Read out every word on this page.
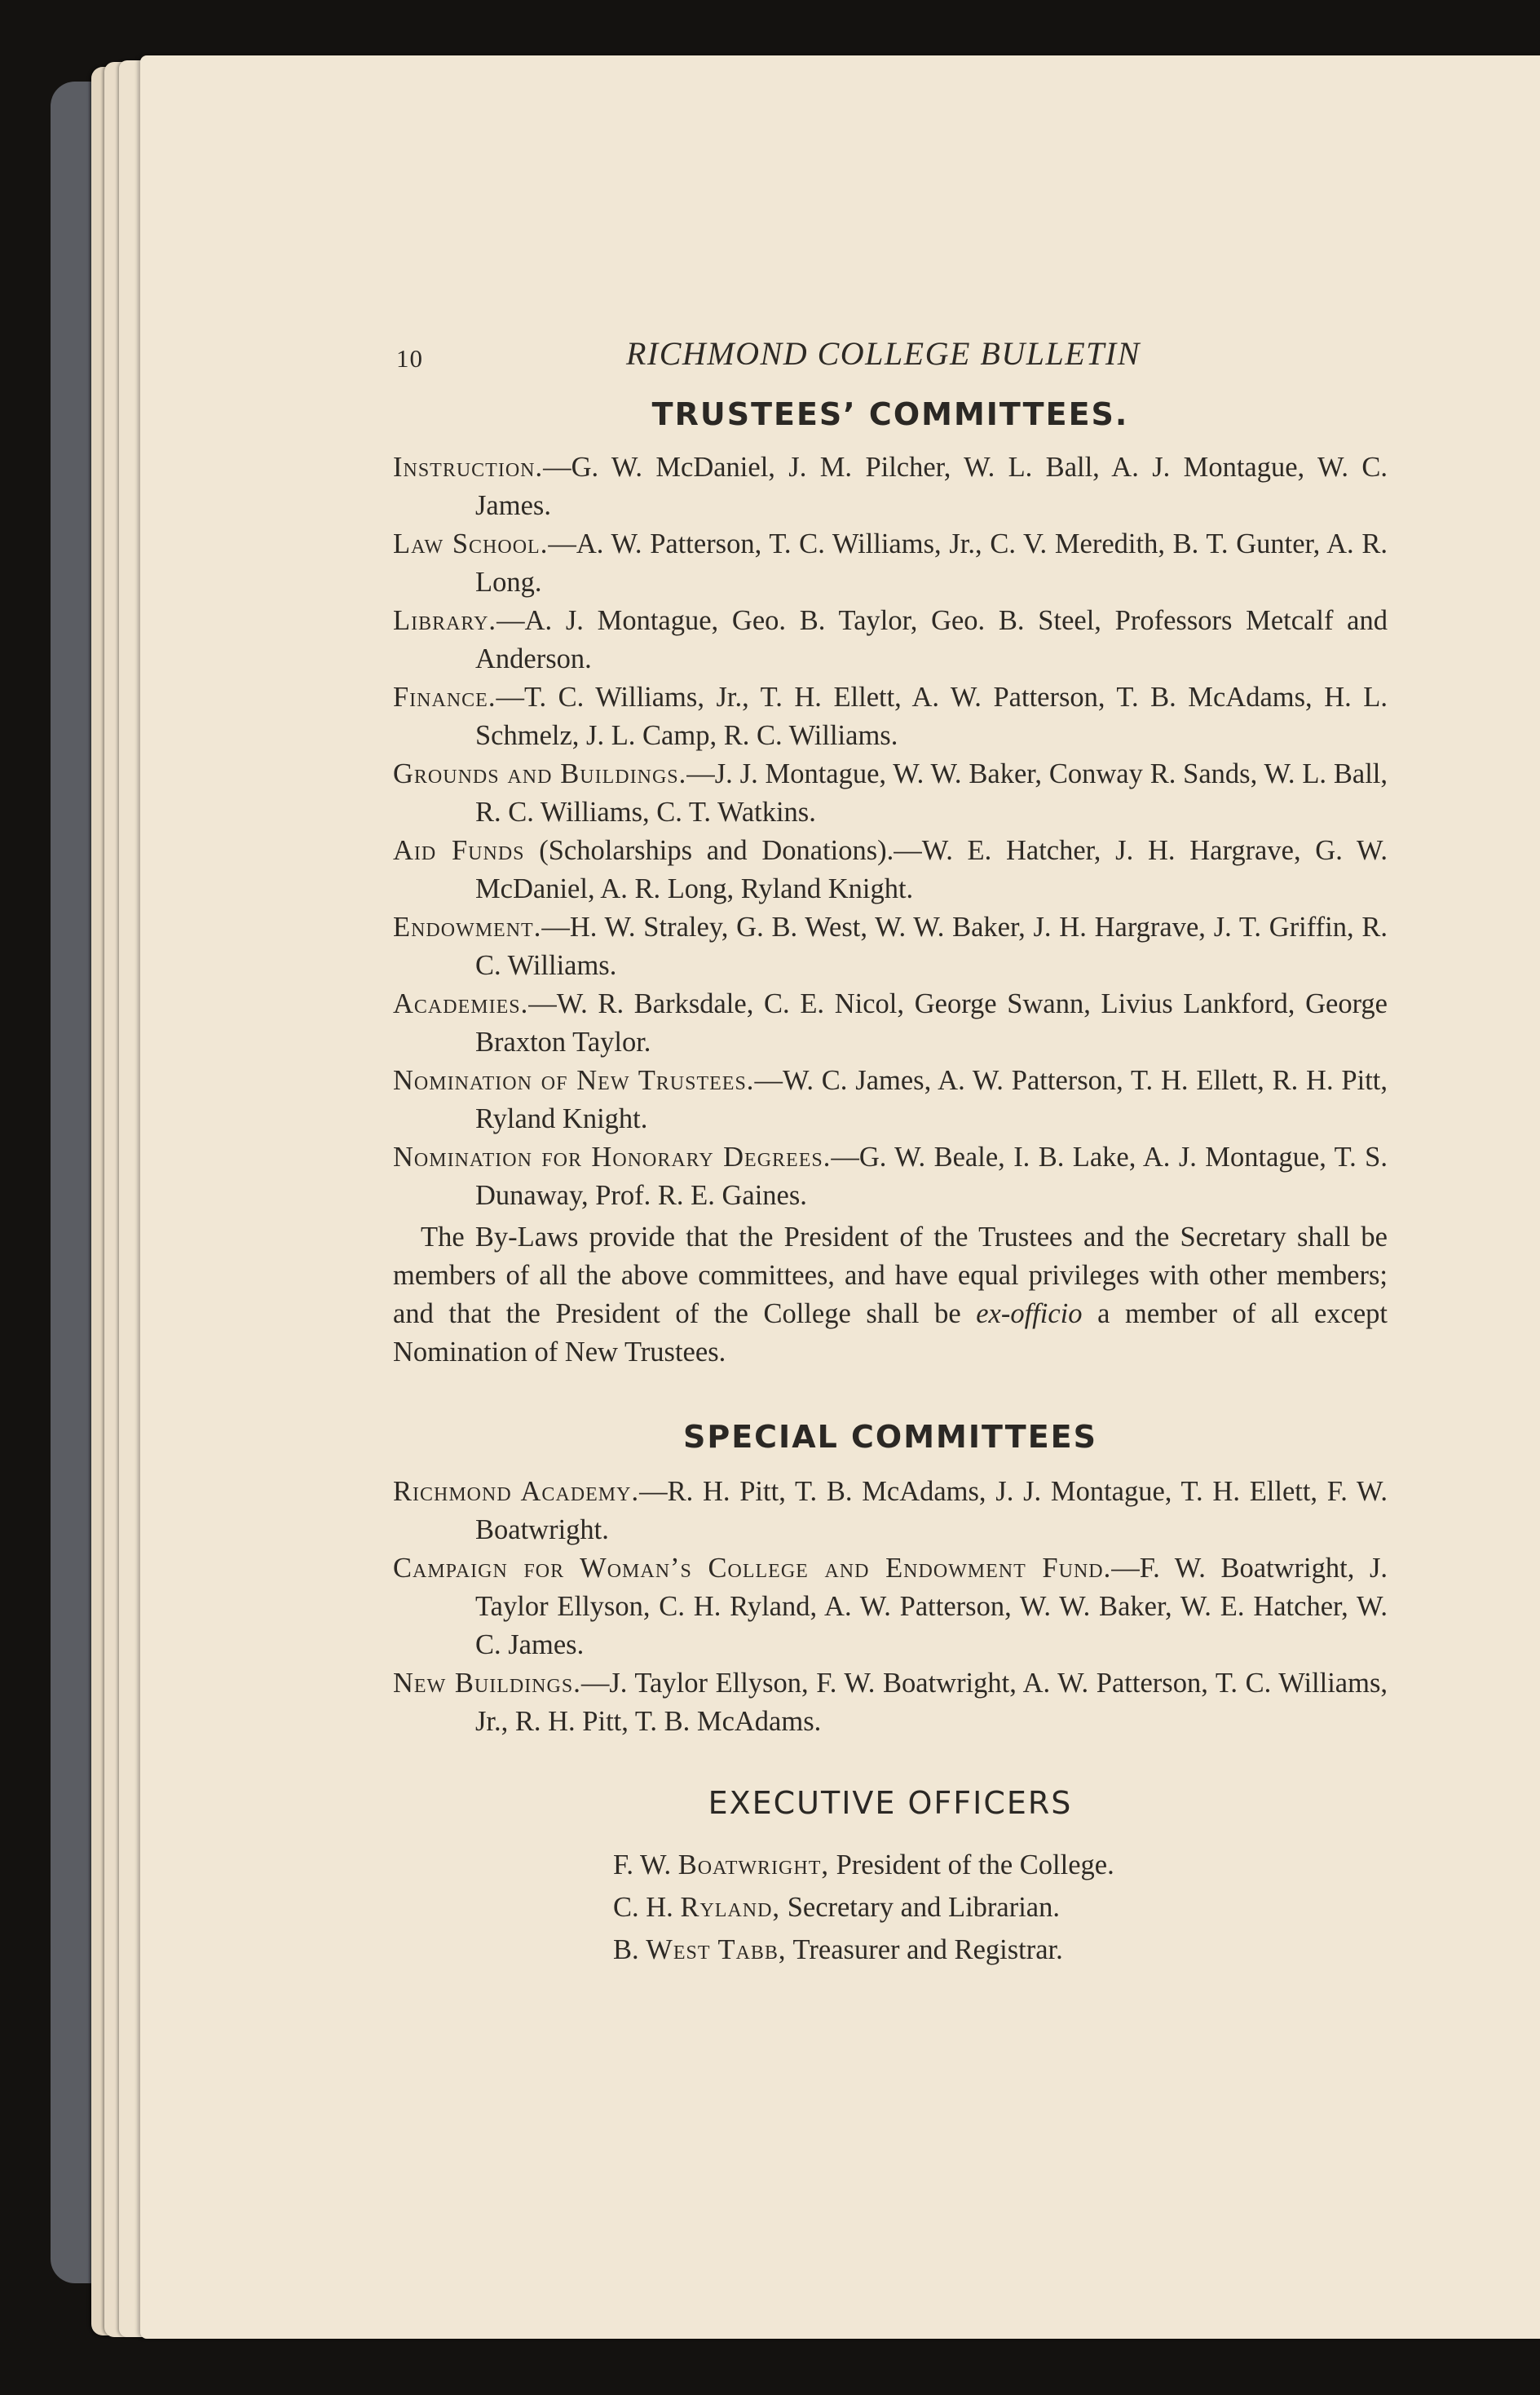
10	RICHMOND COLLEGE BULLETIN
TRUSTEES’ COMMITTEES.
Instruction.—G. W. McDaniel, J. M. Pilcher, W. L. Ball, A. J. Montague, W. C. James.
Law School.—A. W. Patterson, T. C. Williams, Jr., C. V. Meredith, B. T. Gunter, A. R. Long.
Library.—A. J. Montague, Geo. B. Taylor, Geo. B. Steel, Professors Metcalf and Anderson.
Finance.—T. C. Williams, Jr., T. H. Ellett, A. W. Patterson, T. B. McAdams, H. L. Schmelz, J. L. Camp, R. C. Williams.
Grounds and Buildings.—J. J. Montague, W. W. Baker, Conway R. Sands, W. L. Ball, R. C. Williams, C. T. Watkins.
Aid Funds (Scholarships and Donations).—W. E. Hatcher, J. H. Hargrave, G. W. McDaniel, A. R. Long, Ryland Knight.
Endowment.—H. W. Straley, G. B. West, W. W. Baker, J. H. Hargrave, J. T. Griffin, R. C. Williams.
Academies.—W. R. Barksdale, C. E. Nicol, George Swann, Livius Lankford, George Braxton Taylor.
Nomination of New Trustees.—W. C. James, A. W. Patterson, T. H. Ellett, R. H. Pitt, Ryland Knight.
Nomination for Honorary Degrees.—G. W. Beale, I. B. Lake, A. J. Montague, T. S. Dunaway, Prof. R. E. Gaines.
The By-Laws provide that the President of the Trustees and the Secretary shall be members of all the above committees, and have equal privileges with other members; and that the President of the College shall be ex-officio a member of all except Nomination of New Trustees.
SPECIAL COMMITTEES
Richmond Academy.—R. H. Pitt, T. B. McAdams, J. J. Montague, T. H. Ellett, F. W. Boatwright.
Campaign for Woman’s College and Endowment Fund.—F. W. Boatwright, J. Taylor Ellyson, C. H. Ryland, A. W. Patterson, W. W. Baker, W. E. Hatcher, W. C. James.
New Buildings.—J. Taylor Ellyson, F. W. Boatwright, A. W. Patterson, T. C. Williams, Jr., R. H. Pitt, T. B. McAdams.
EXECUTIVE OFFICERS
F. W. Boatwright, President of the College.
C. H. Ryland, Secretary and Librarian.
B. West Tabb, Treasurer and Registrar.
